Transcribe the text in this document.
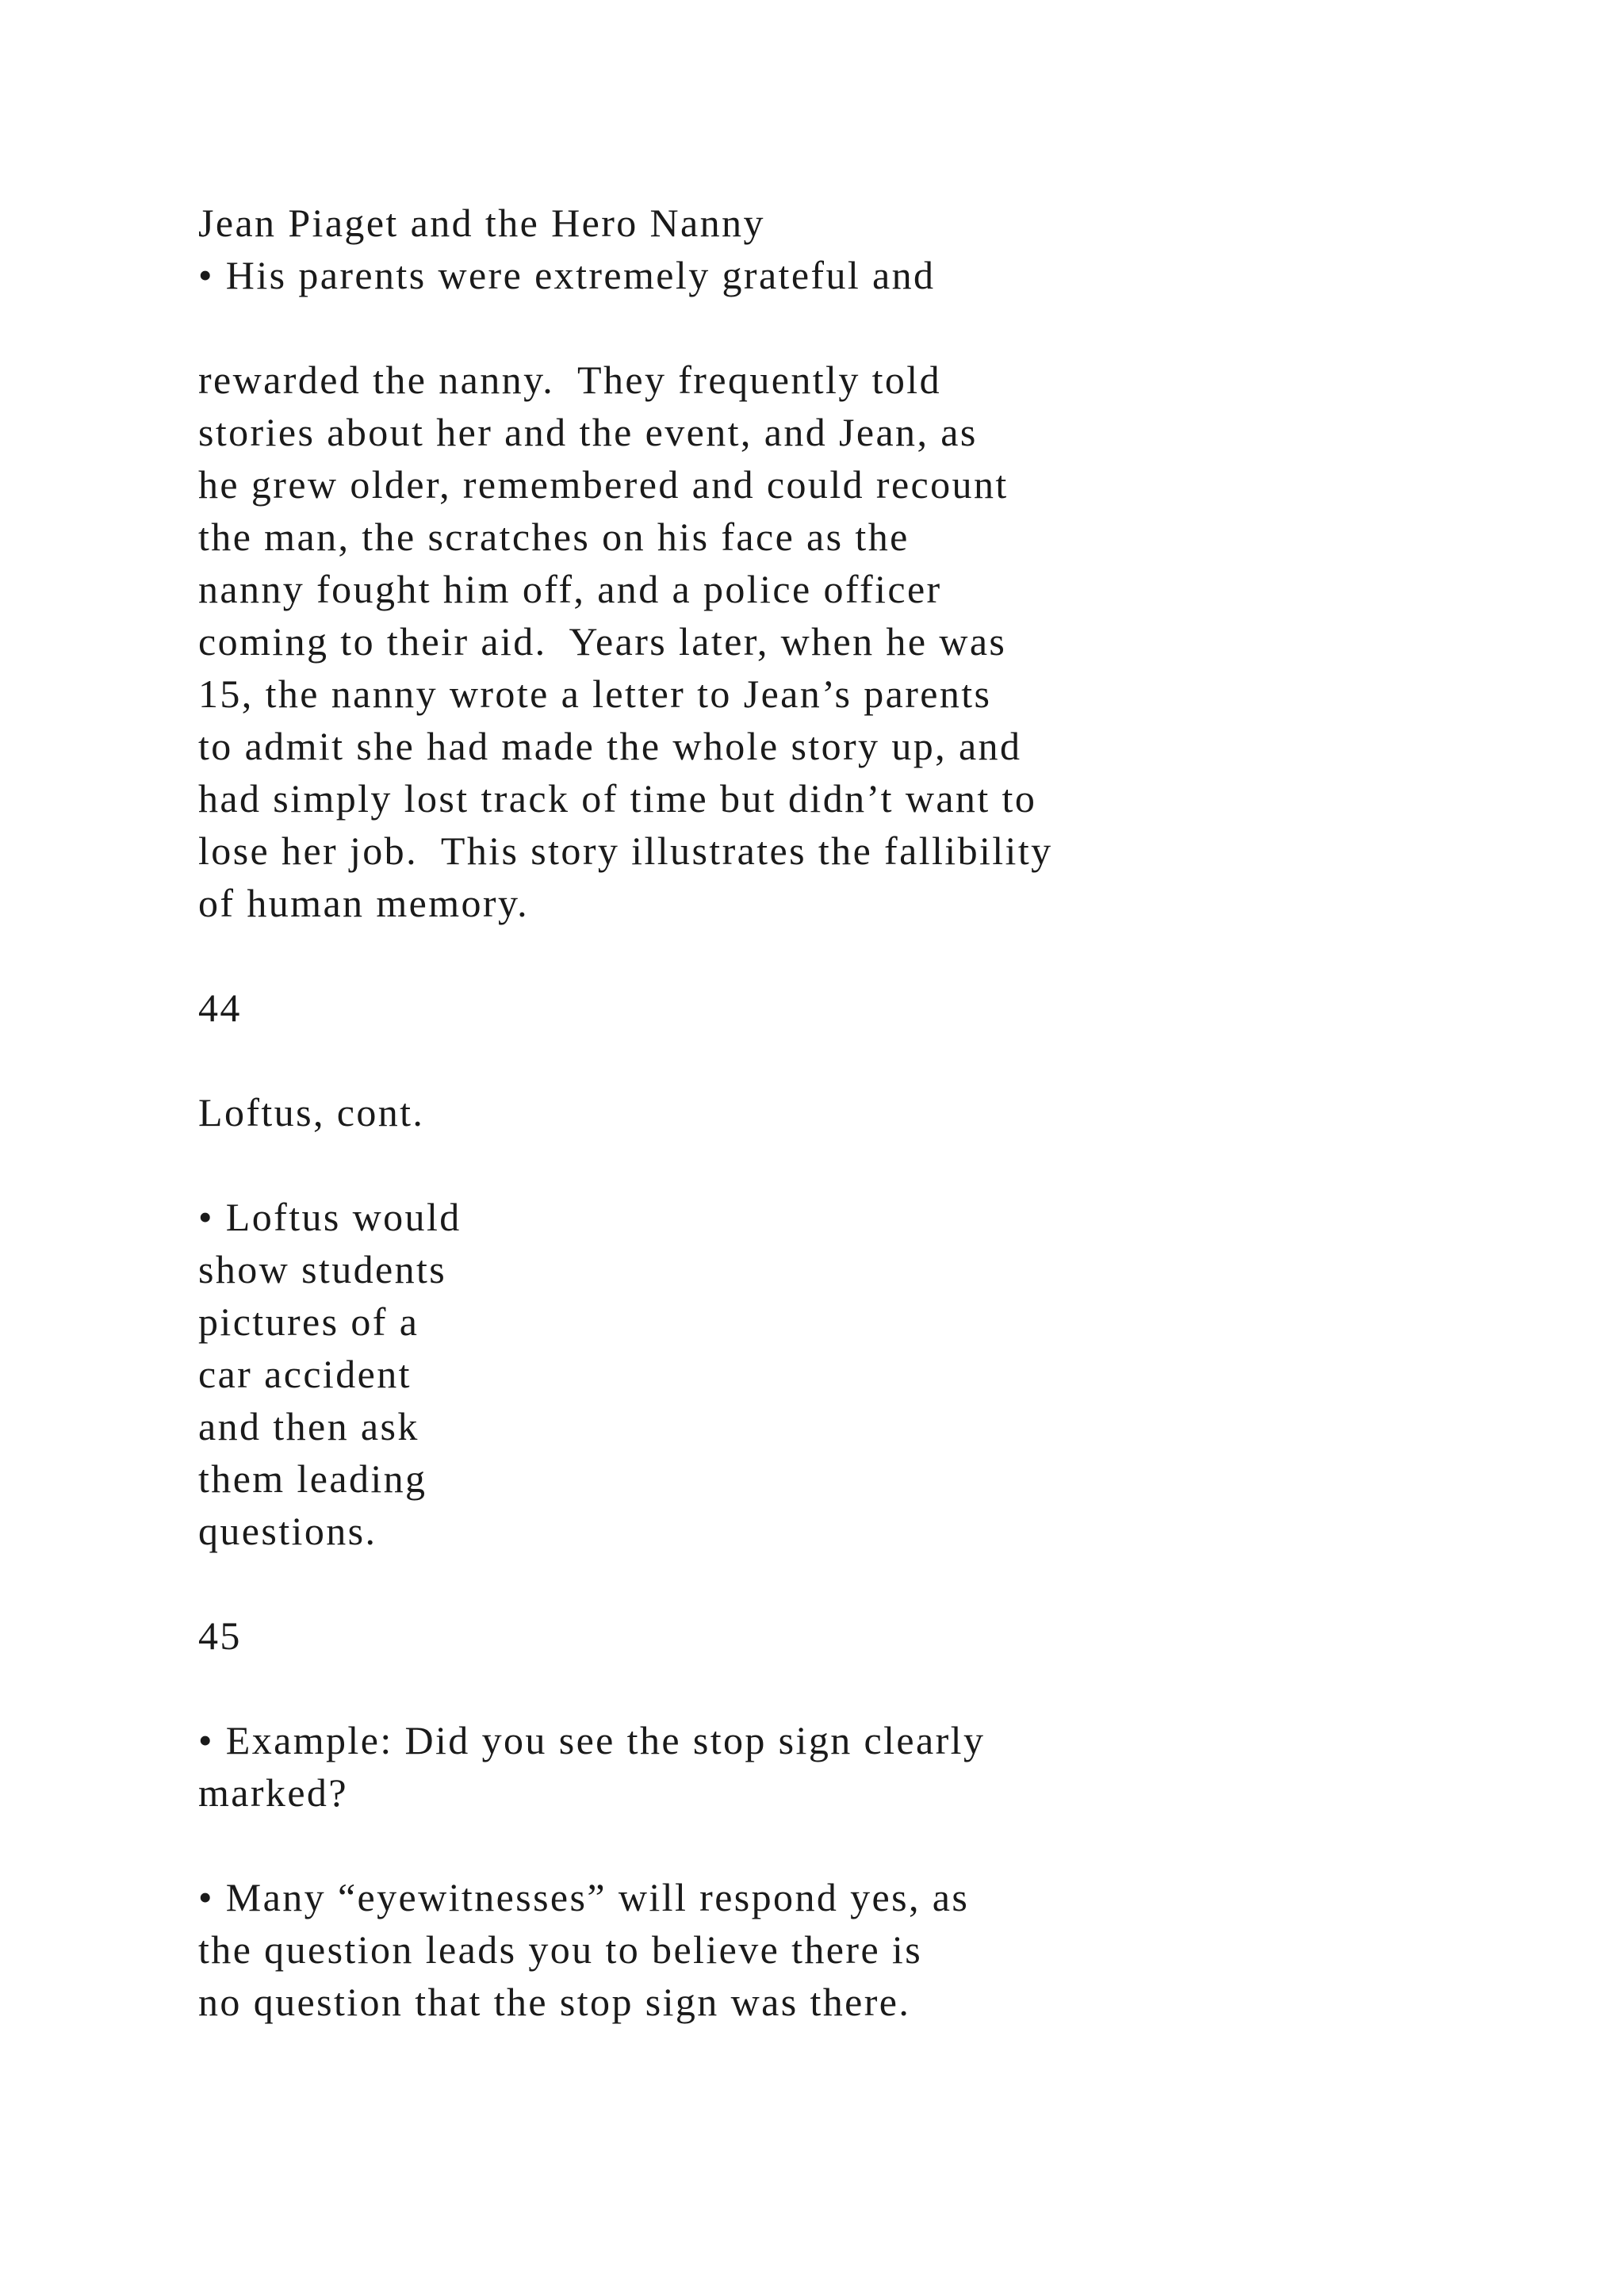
Jean Piaget and the Hero Nanny
• His parents were extremely grateful and
rewarded the nanny.  They frequently told
stories about her and the event, and Jean, as
he grew older, remembered and could recount
the man, the scratches on his face as the
nanny fought him off, and a police officer
coming to their aid.  Years later, when he was
15, the nanny wrote a letter to Jean’s parents
to admit she had made the whole story up, and
had simply lost track of time but didn’t want to
lose her job.  This story illustrates the fallibility
of human memory.
44
Loftus, cont.
• Loftus would
show students
pictures of a
car accident
and then ask
them leading
questions.
45
• Example: Did you see the stop sign clearly
marked?
• Many “eyewitnesses” will respond yes, as
the question leads you to believe there is
no question that the stop sign was there.
